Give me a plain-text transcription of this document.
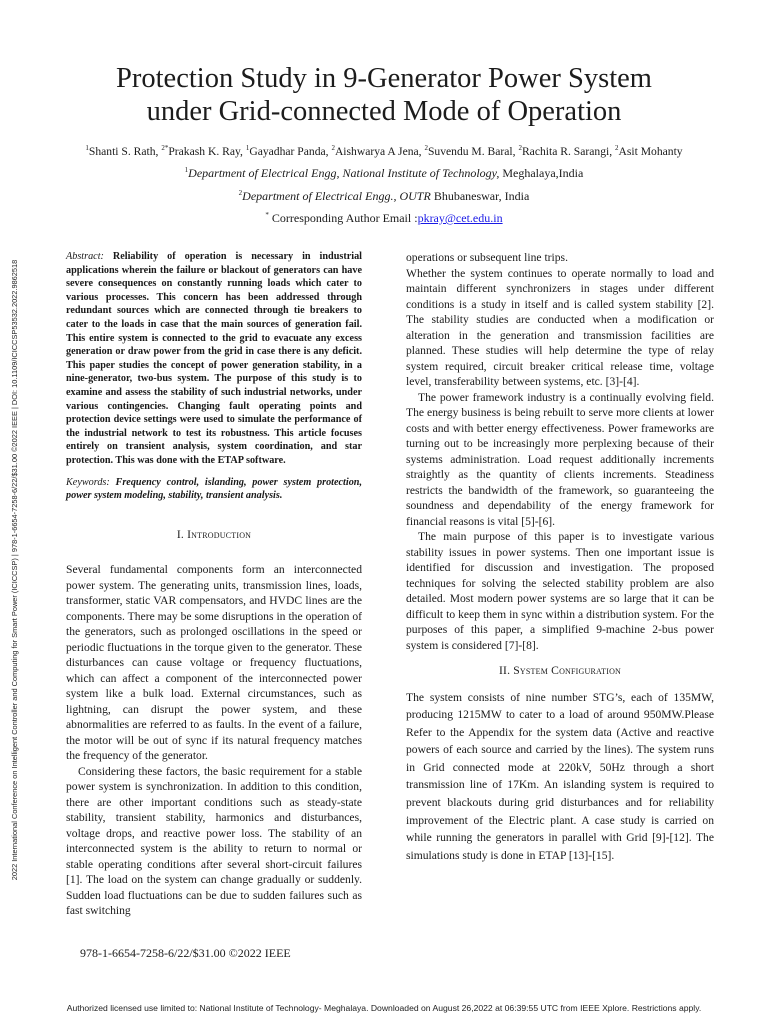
2022 International Conference on Intelligent Controller and Computing for Smart Power (ICICCSP) | 978-1-6654-7258-6/22/$31.00 ©2022 IEEE | DOI: 10.1109/ICICCSP53532.2022.9862518
Protection Study in 9-Generator Power System
under Grid-connected Mode of Operation
$^1$Shanti S. Rath, $^{2*}$Prakash K. Ray, $^1$Gayadhar Panda, $^2$Aishwarya A Jena, $^2$Suvendu M. Baral, $^2$Rachita R. Sarangi, $^2$Asit Mohanty
$^1$Department of Electrical Engg, National Institute of Technology, Meghalaya,India
$^2$Department of Electrical Engg., OUTR Bhubaneswar, India
* Corresponding Author Email :pkray@cet.edu.in

Abstract: Reliability of operation is necessary in industrial applications wherein the failure or blackout of generators can have severe consequences on constantly running loads which cater to various processes. This concern has been addressed through redundant sources which are connected through tie breakers to cater to the loads in case that the main sources of generation fail. This entire system is connected to the grid to evacuate any excess generation or draw power from the grid in case there is any deficit. This paper studies the concept of power generation stability, in a nine-generator, two-bus system. The purpose of this study is to examine and assess the stability of such industrial networks, under various contingencies. Changing fault operating points and protection device settings were used to simulate the performance of the industrial network to test its robustness. This article focuses entirely on transient analysis, system coordination, and star protection. This was done with the ETAP software.

Keywords: Frequency control, islanding, power system protection, power system modeling, stability, transient analysis.

I. Introduction

Several fundamental components form an interconnected power system. The generating units, transmission lines, loads, transformer, static VAR compensators, and HVDC lines are the components. There may be some disruptions in the operation of the generators, such as prolonged oscillations in the speed or periodic fluctuations in the torque given to the generator. These disturbances can cause voltage or frequency fluctuations, which can affect a component of the interconnected power system like a bulk load. External circumstances, such as lightning, can disrupt the power system, and these abnormalities are referred to as faults. In the event of a failure, the motor will be out of sync if its natural frequency matches the frequency of the generator.

Considering these factors, the basic requirement for a stable power system is synchronization. In addition to this condition, there are other important conditions such as steady-state stability, transient stability, harmonics and disturbances, voltage drops, and reactive power loss. The stability of an interconnected system is the ability to return to normal or stable operating conditions after several short-circuit failures [1]. The load on the system can change gradually or suddenly. Sudden load fluctuations can be due to sudden failures such as fast switching

operations or subsequent line trips.

Whether the system continues to operate normally to load and maintain different synchronizers in stages under different conditions is a study in itself and is called system stability [2]. The stability studies are conducted when a modification or alteration in the generation and transmission facilities are planned. These studies will help determine the type of relay system required, circuit breaker critical release time, voltage level, transferability between systems, etc. [3]-[4].

The power framework industry is a continually evolving field. The energy business is being rebuilt to serve more clients at lower costs and with better energy effectiveness. Power frameworks are turning out to be increasingly more perplexing because of their systems administration. Load request additionally increments straightly as the quantity of clients increments. Steadiness restricts the bandwidth of the framework, so guaranteeing the soundness and dependability of the energy framework for financial reasons is vital [5]-[6].

The main purpose of this paper is to investigate various stability issues in power systems. Then one important issue is identified for discussion and investigation. The proposed techniques for solving the selected stability problem are also detailed. Most modern power systems are so large that it can be difficult to keep them in sync within a distribution system. For the purposes of this paper, a simplified 9-machine 2-bus power system is considered [7]-[8].

II. System Configuration

The system consists of nine number STG’s, each of 135MW, producing 1215MW to cater to a load of around 950MW.Please Refer to the Appendix for the system data (Active and reactive powers of each source and carried by the lines). The system runs in Grid connected mode at 220kV, 50Hz through a short transmission line of 17Km. An islanding system is required to prevent blackouts during grid disturbances and for reliability improvement of the Electric plant. A case study is carried on while running the generators in parallel with Grid [9]-[12]. The simulations study is done in ETAP [13]-[15].

978-1-6654-7258-6/22/$31.00 ©2022 IEEE
Authorized licensed use limited to: National Institute of Technology- Meghalaya. Downloaded on August 26,2022 at 06:39:55 UTC from IEEE Xplore. Restrictions apply.
